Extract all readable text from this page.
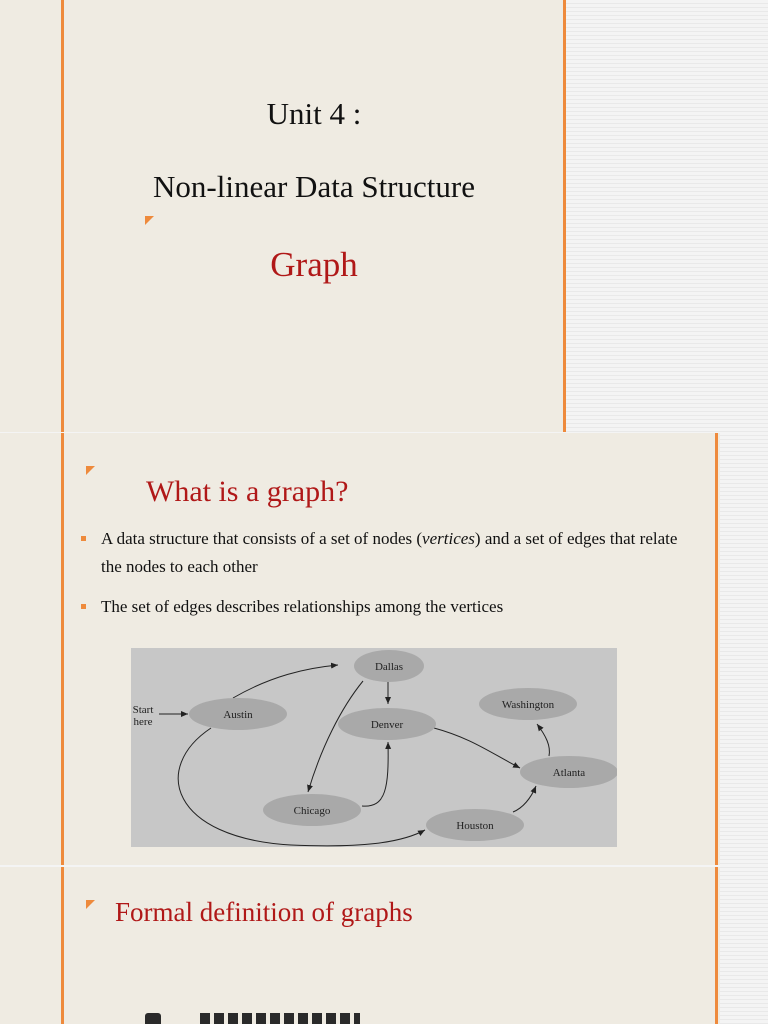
Unit 4 :
Non-linear Data Structure
Graph
What is a graph?
A data structure that consists of a set of nodes (vertices) and a set of edges that relate the nodes to each other
The set of edges describes relationships among the vertices
Dallas
Austin
Denver
Washington
Atlanta
Chicago
Houston
Start
here
Formal definition of graphs
